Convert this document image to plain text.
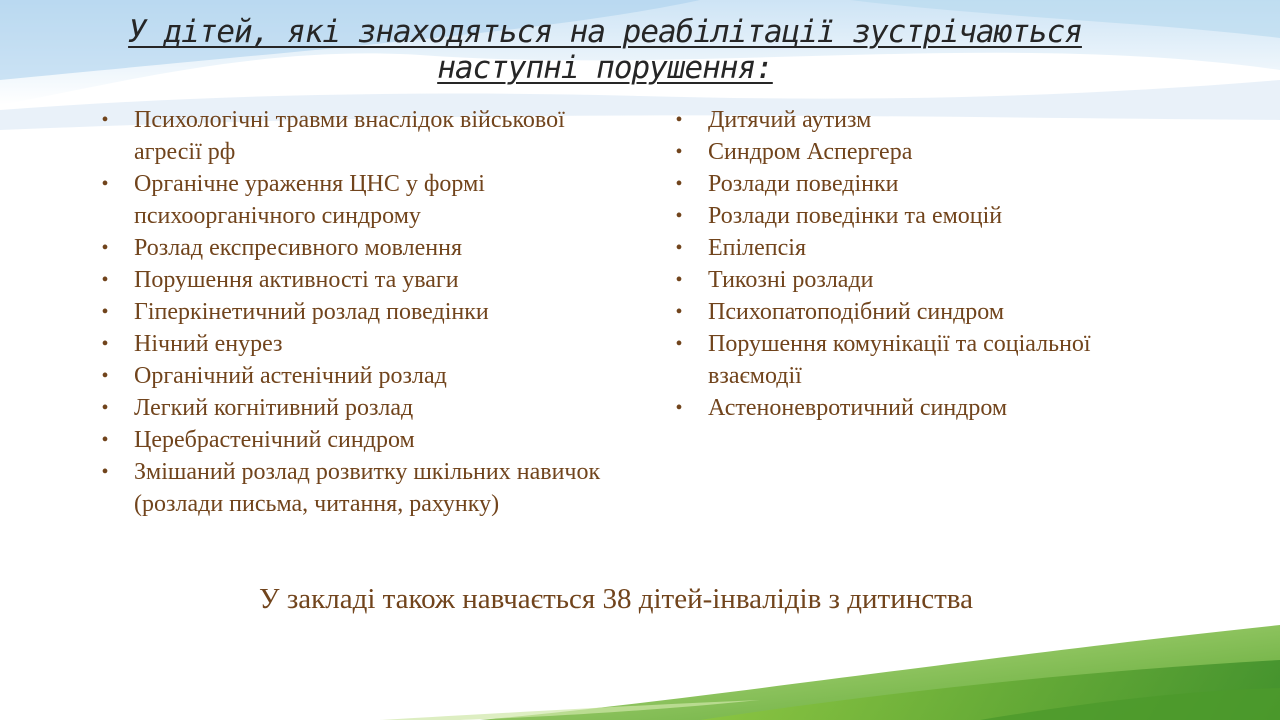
У дітей, які знаходяться на реабілітації зустрічаються
наступні порушення:
• Психологічні травми внаслідок військової агресії рф
• Органічне ураження ЦНС у формі психоорганічного синдрому
• Розлад експресивного мовлення
• Порушення активності та уваги
• Гіперкінетичний розлад поведінки
• Нічний енурез
• Органічний астенічний розлад
• Легкий когнітивний розлад
• Церебрастенічний синдром
• Змішаний розлад розвитку шкільних навичок (розлади письма, читання, рахунку)
• Дитячий аутизм
• Синдром Аспергера
• Розлади поведінки
• Розлади поведінки та емоцій
• Епілепсія
• Тикозні розлади
• Психопатоподібний синдром
• Порушення комунікації та соціальної взаємодії
• Астеноневротичний синдром
У закладі також навчається 38 дітей-інвалідів з дитинства
